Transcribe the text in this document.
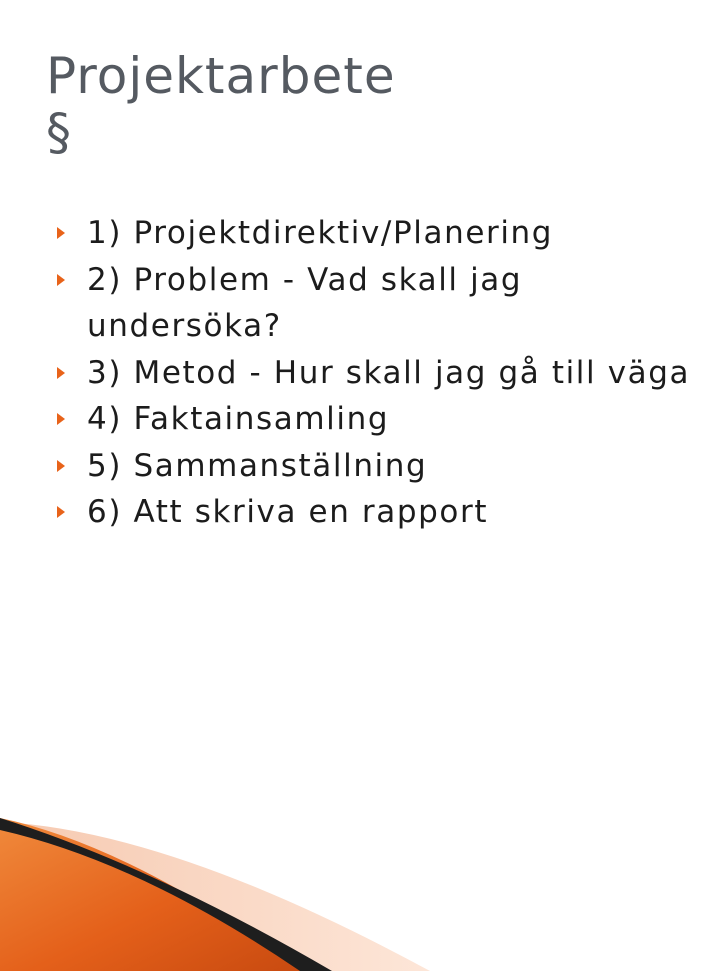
Projektarbete
§
1) Projektdirektiv/Planering
2) Problem - Vad skall jag undersöka?
3) Metod - Hur skall jag gå till väga
4) Faktainsamling
5) Sammanställning
6) Att skriva en rapport
